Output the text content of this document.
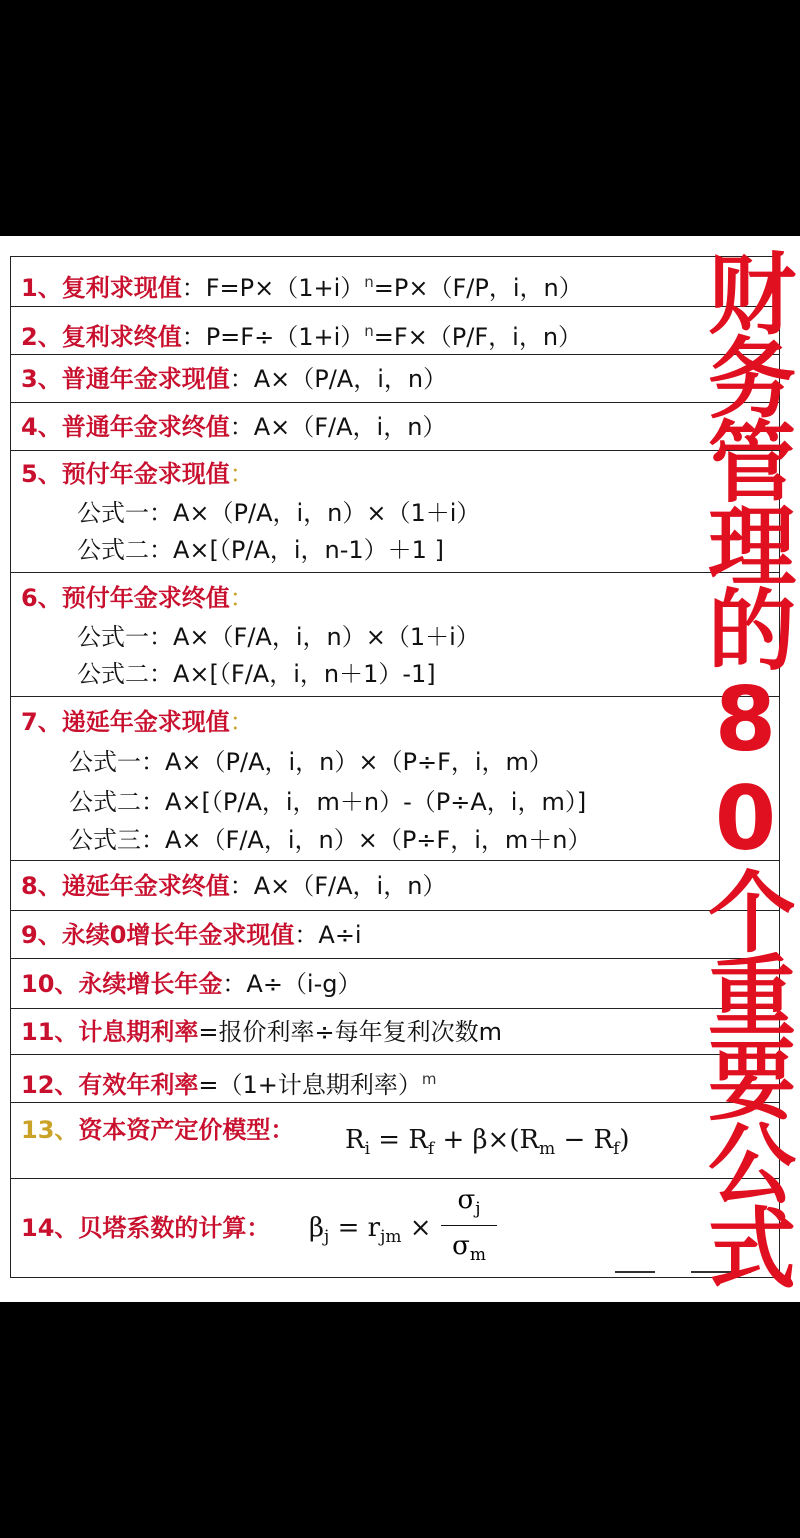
1、复利求现值：$F=P\times(1+i)^n=P\times(F/P$，i，n）
2、复利求终值：$P=F\div(1+i)^n=F\times(P/F$，i，n）
3、普通年金求现值：A×（P/A，i，n）
4、普通年金求终值：A×（F/A，i，n）
5、预付年金求现值：
公式一：A×（P/A，i，n）×（1＋i）
公式二：A×[（P/A，i，n-1）＋1 ]
6、预付年金求终值：
公式一：A×（F/A，i，n）×（1＋i）
公式二：A×[（F/A，i，n＋1）-1]
7、递延年金求现值：
公式一：A×（P/A，i，n）×（P÷F，i，m）
公式二：A×[（P/A，i，m＋n）-（P÷A，i，m）]
公式三：A×（F/A，i，n）×（P÷F，i，m＋n）
8、递延年金求终值：A×（F/A，i，n）
9、永续0增长年金求现值：A÷i
10、永续增长年金：A÷（i-g）
11、计息期利率=报价利率÷每年复利次数m
12、有效年利率=（1+计息期利率）$^m$
13、资本资产定价模型： $R_i = R_f + \beta\times(R_m - R_f)$
14、贝塔系数的计算： $\beta_j = r_{jm}$ ×
$\sigma_j$
$\sigma_m$ 财务管理的80个重要公式
